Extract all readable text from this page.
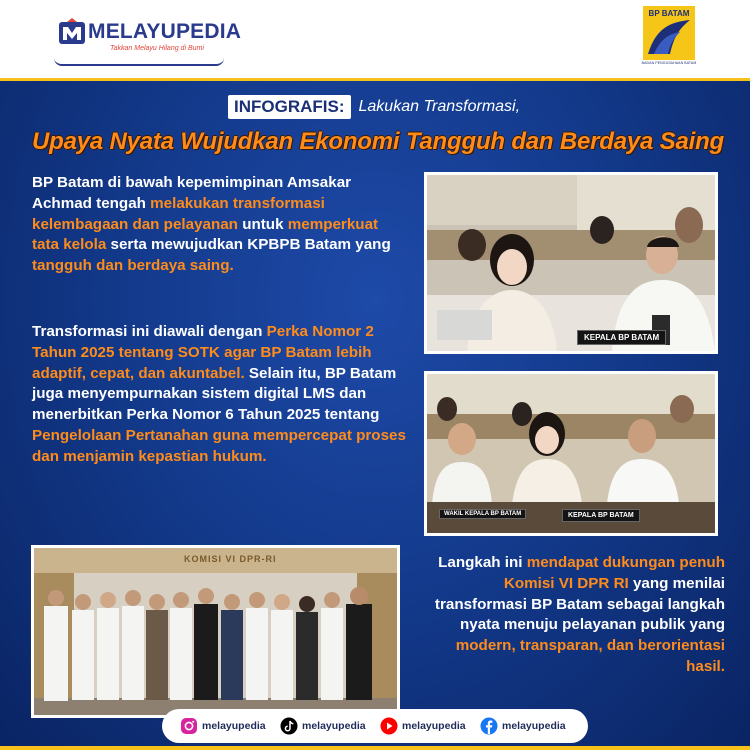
MELAYUPEDIA
Takkan Melayu Hilang di Bumi
BP BATAM
BADAN PENGUSAHAAN BATAM
INFOGRAFIS: Lakukan Transformasi,
Upaya Nyata Wujudkan Ekonomi Tangguh dan Berdaya Saing
BP Batam di bawah kepemimpinan Amsakar Achmad tengah melakukan transformasi kelembagaan dan pelayanan untuk memperkuat tata kelola serta mewujudkan KPBPB Batam yang tangguh dan berdaya saing.
Transformasi ini diawali dengan Perka Nomor 2 Tahun 2025 tentang SOTK agar BP Batam lebih adaptif, cepat, dan akuntabel. Selain itu, BP Batam juga menyempurnakan sistem digital LMS dan menerbitkan Perka Nomor 6 Tahun 2025 tentang Pengelolaan Pertanahan guna mempercepat proses dan menjamin kepastian hukum.
Langkah ini mendapat dukungan penuh Komisi VI DPR RI yang menilai transformasi BP Batam sebagai langkah nyata menuju pelayanan publik yang modern, transparan, dan berorientasi hasil.
KEPALA BP BATAM
WAKIL KEPALA BP BATAM	KEPALA BP BATAM
KOMISI VI DPR-RI
melayupedia	melayupedia	melayupedia	melayupedia
